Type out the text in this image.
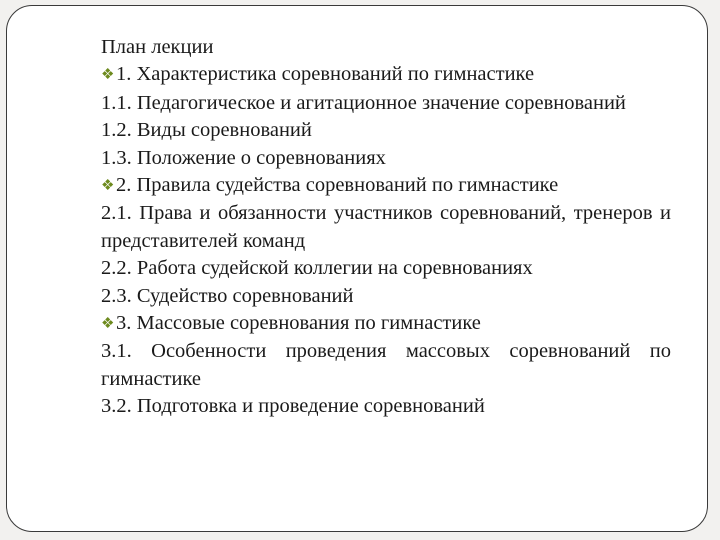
План лекции

❖1. Характеристика соревнований по гимнастике

1.1. Педагогическое и агитационное значение соревнований

1.2. Виды соревнований

1.3. Положение о соревнованиях

❖2. Правила судейства соревнований по гимнастике

2.1. Права и обязанности участников соревнований, тренеров и представителей команд

2.2. Работа судейской коллегии на соревнованиях

2.3. Судейство соревнований

❖3. Массовые соревнования по гимнастике

3.1. Особенности проведения массовых соревнований по гимнастике

3.2. Подготовка и проведение соревнований
